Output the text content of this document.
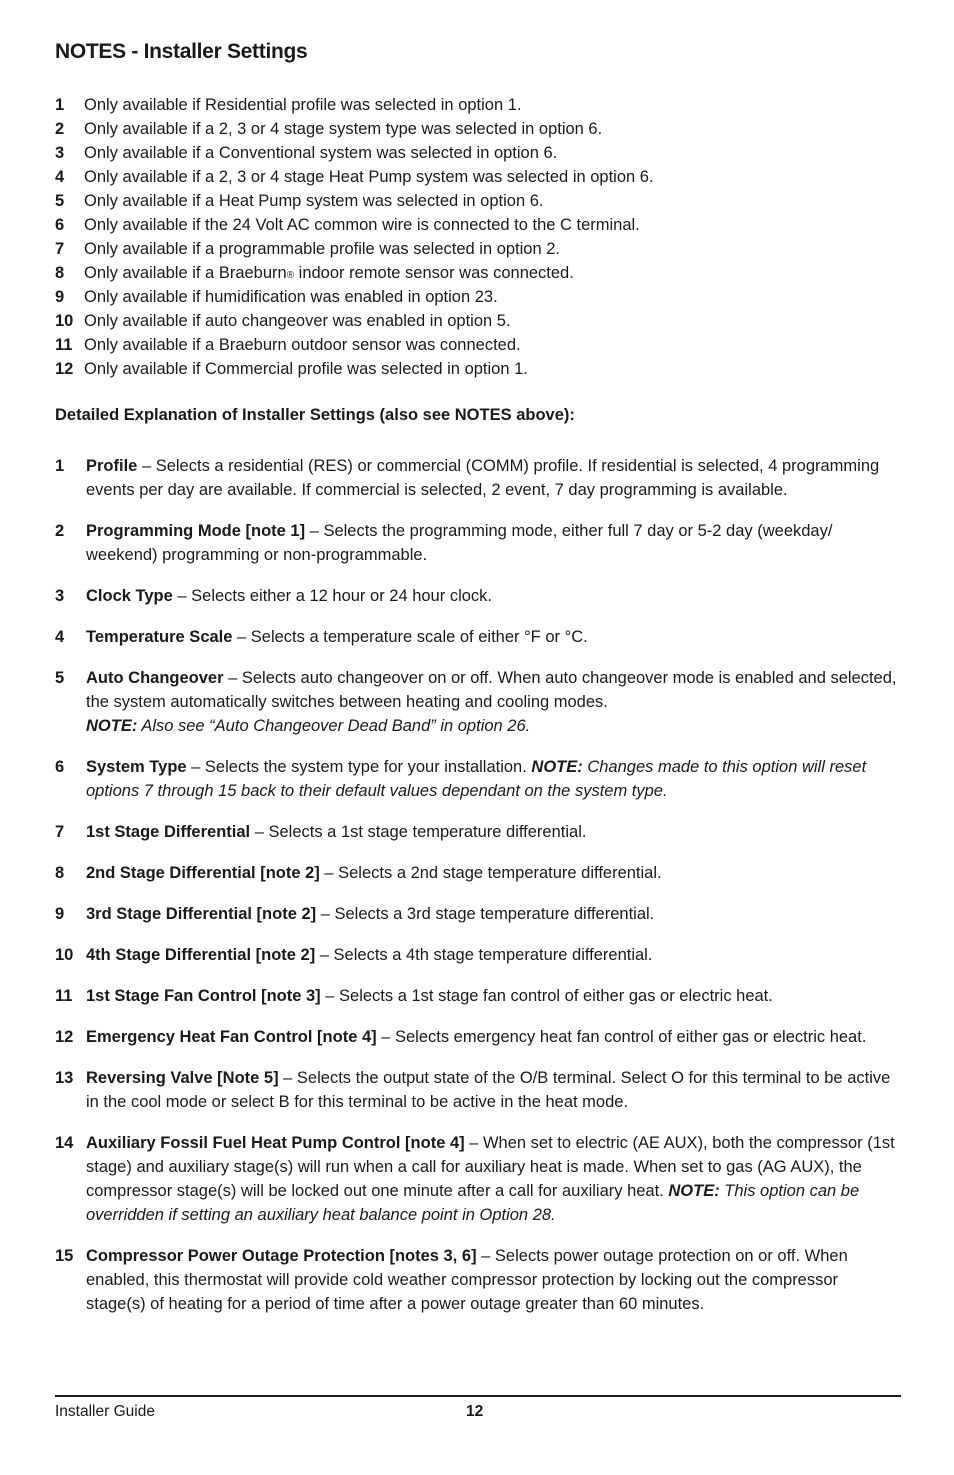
NOTES - Installer Settings
1	Only available if Residential profile was selected in option 1.
2	Only available if a 2, 3 or 4 stage system type was selected in option 6.
3	Only available if a Conventional system was selected in option 6.
4	Only available if a 2, 3 or 4 stage Heat Pump system was selected in option 6.
5	Only available if a Heat Pump system was selected in option 6.
6	Only available if the 24 Volt AC common wire is connected to the C terminal.
7	Only available if a programmable profile was selected in option 2.
8	Only available if a Braeburn® indoor remote sensor was connected.
9	Only available if humidification was enabled in option 23.
10 Only available if auto changeover was enabled in option 5.
11 Only available if a Braeburn outdoor sensor was connected.
12 Only available if Commercial profile was selected in option 1.
Detailed Explanation of Installer Settings (also see NOTES above):
1	Profile – Selects a residential (RES) or commercial (COMM) profile. If residential is selected, 4 programming events per day are available. If commercial is selected, 2 event, 7 day programming is available.
2	Programming Mode [note 1] – Selects the programming mode, either full 7 day or 5-2 day (weekday/ weekend) programming or non-programmable.
3	Clock Type – Selects either a 12 hour or 24 hour clock.
4	Temperature Scale – Selects a temperature scale of either °F or °C.
5	Auto Changeover – Selects auto changeover on or off. When auto changeover mode is enabled and selected, the system automatically switches between heating and cooling modes.
NOTE: Also see “Auto Changeover Dead Band” in option 26.
6	System Type – Selects the system type for your installation. NOTE: Changes made to this option will reset options 7 through 15 back to their default values dependant on the system type.
7	1st Stage Differential – Selects a 1st stage temperature differential.
8	2nd Stage Differential [note 2] – Selects a 2nd stage temperature differential.
9	3rd Stage Differential [note 2] – Selects a 3rd stage temperature differential.
10 4th Stage Differential [note 2] – Selects a 4th stage temperature differential.
11 1st Stage Fan Control [note 3] – Selects a 1st stage fan control of either gas or electric heat.
12 Emergency Heat Fan Control [note 4] – Selects emergency heat fan control of either gas or electric heat.
13 Reversing Valve [Note 5] – Selects the output state of the O/B terminal. Select O for this terminal to be active in the cool mode or select B for this terminal to be active in the heat mode.
14 Auxiliary Fossil Fuel Heat Pump Control [note 4] – When set to electric (AE AUX), both the compressor (1st stage) and auxiliary stage(s) will run when a call for auxiliary heat is made. When set to gas (AG AUX), the compressor stage(s) will be locked out one minute after a call for auxiliary heat. NOTE: This option can be overridden if setting an auxiliary heat balance point in Option 28.
15 Compressor Power Outage Protection [notes 3, 6] – Selects power outage protection on or off. When enabled, this thermostat will provide cold weather compressor protection by locking out the compressor stage(s) of heating for a period of time after a power outage greater than 60 minutes.
Installer Guide	12
